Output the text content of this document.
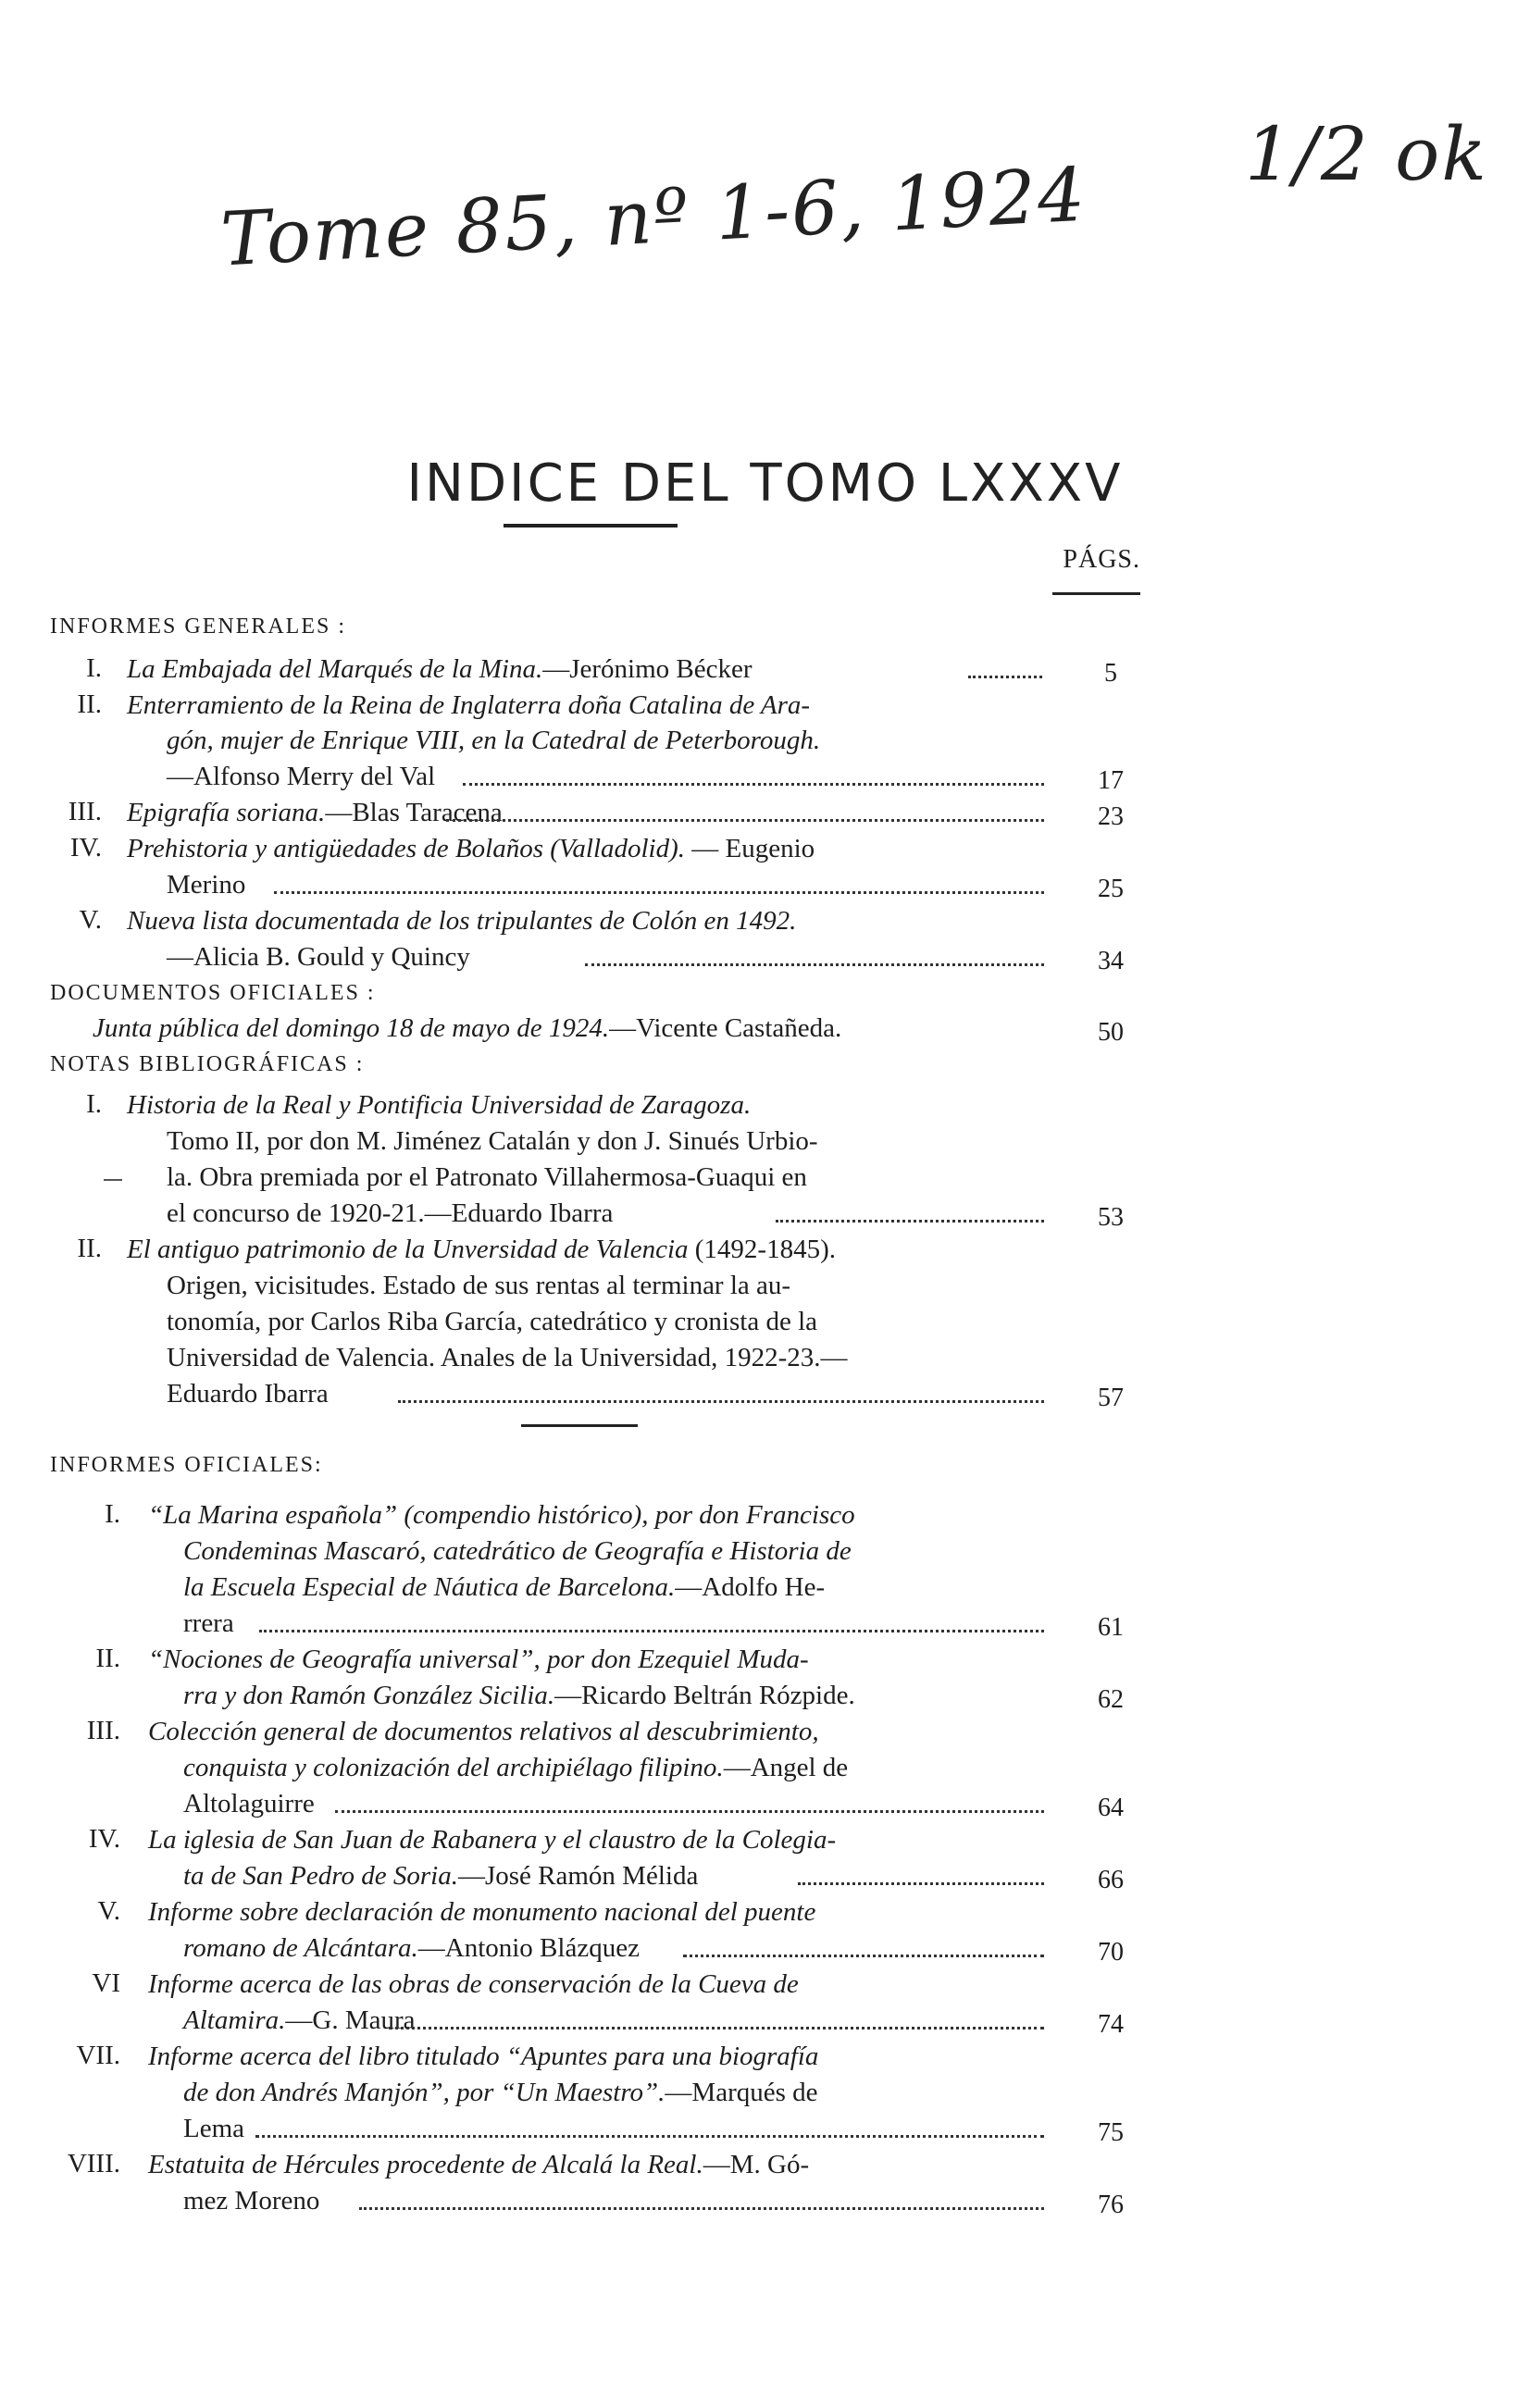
Tome 85, nº 1-6, 1924 1/2 ok
INDICE DEL TOMO LXXXV
PÁGS.
INFORMES GENERALES :
I. La Embajada del Marqués de la Mina.—Jerónimo Bécker	5
II. Enterramiento de la Reina de Inglaterra doña Catalina de Ara-
gón, mujer de Enrique VIII, en la Catedral de Peterborough.
—Alfonso Merry del Val	17
III. Epigrafía soriana.—Blas Taracena	23
IV. Prehistoria y antigüedades de Bolaños (Valladolid). — Eugenio
Merino	25
V. Nueva lista documentada de los tripulantes de Colón en 1492.
—Alicia B. Gould y Quincy	34
DOCUMENTOS OFICIALES :
Junta pública del domingo 18 de mayo de 1924.—Vicente Castañeda.	50
NOTAS BIBLIOGRÁFICAS :
I. Historia de la Real y Pontificia Universidad de Zaragoza.
Tomo II, por don M. Jiménez Catalán y don J. Sinués Urbio-
la. Obra premiada por el Patronato Villahermosa-Guaqui en
el concurso de 1920-21.—Eduardo Ibarra	53
II. El antiguo patrimonio de la Unversidad de Valencia (1492-1845).
Origen, vicisitudes. Estado de sus rentas al terminar la au-
tonomía, por Carlos Riba García, catedrático y cronista de la
Universidad de Valencia. Anales de la Universidad, 1922-23.—
Eduardo Ibarra	57
INFORMES OFICIALES:
I. “La Marina española” (compendio histórico), por don Francisco
Condeminas Mascaró, catedrático de Geografía e Historia de
la Escuela Especial de Náutica de Barcelona.—Adolfo He-
rrera	61
II. “Nociones de Geografía universal”, por don Ezequiel Muda-
rra y don Ramón González Sicilia.—Ricardo Beltrán Rózpide.	62
III. Colección general de documentos relativos al descubrimiento,
conquista y colonización del archipiélago filipino.—Angel de
Altolaguirre	64
IV. La iglesia de San Juan de Rabanera y el claustro de la Colegia-
ta de San Pedro de Soria.—José Ramón Mélida	66
V. Informe sobre declaración de monumento nacional del puente
romano de Alcántara.—Antonio Blázquez	70
VI Informe acerca de las obras de conservación de la Cueva de
Altamira.—G. Maura	74
VII. Informe acerca del libro titulado “Apuntes para una biografía
de don Andrés Manjón”, por “Un Maestro”.—Marqués de
Lema	75
VIII. Estatuita de Hércules procedente de Alcalá la Real.—M. Gó-
mez Moreno	76
